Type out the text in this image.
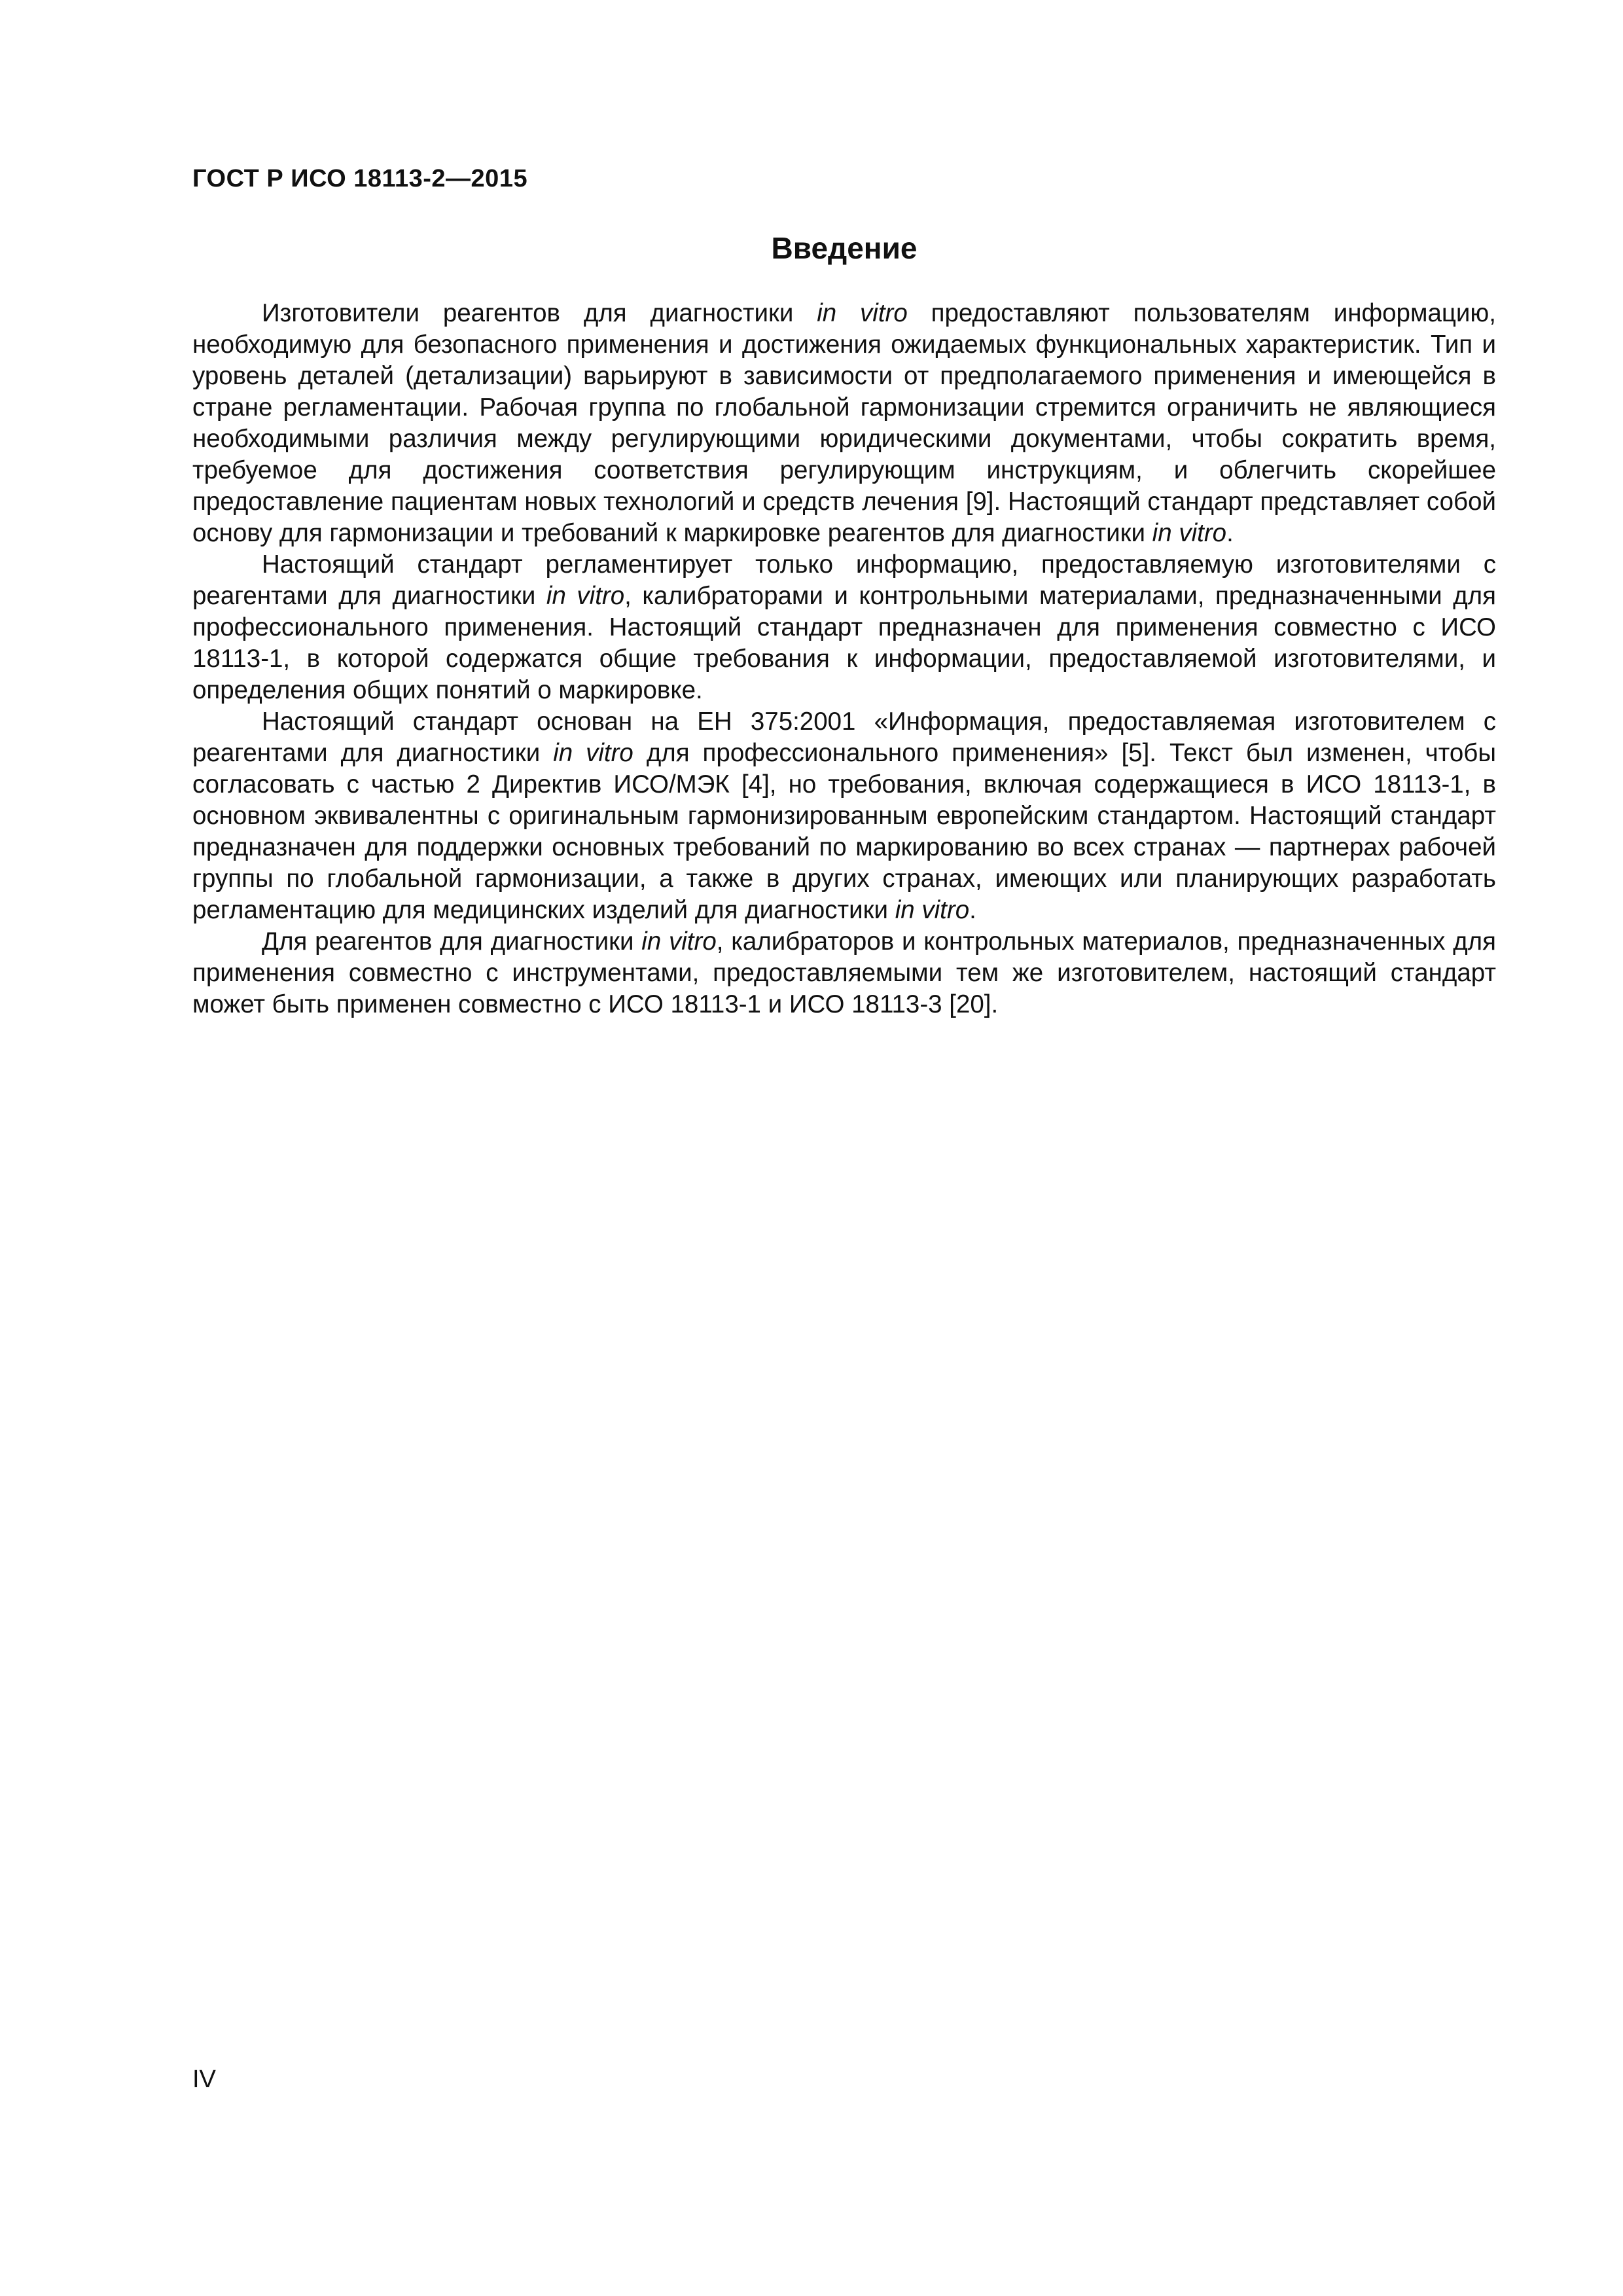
ГОСТ Р ИСО 18113-2—2015
Введение

Изготовители реагентов для диагностики in vitro предоставляют пользователям информацию, необходимую для безопасного применения и достижения ожидаемых функциональных характеристик. Тип и уровень деталей (детализации) варьируют в зависимости от предполагаемого применения и имеющейся в стране регламентации. Рабочая группа по глобальной гармонизации стремится ограничить не являющиеся необходимыми различия между регулирующими юридическими документами, чтобы сократить время, требуемое для достижения соответствия регулирующим инструкциям, и облегчить скорейшее предоставление пациентам новых технологий и средств лечения [9]. Настоящий стандарт представляет собой основу для гармонизации и требований к маркировке реагентов для диагностики in vitro.

Настоящий стандарт регламентирует только информацию, предоставляемую изготовителями с реагентами для диагностики in vitro, калибраторами и контрольными материалами, предназначенными для профессионального применения. Настоящий стандарт предназначен для применения совместно с ИСО 18113-1, в которой содержатся общие требования к информации, предоставляемой изготовителями, и определения общих понятий о маркировке.

Настоящий стандарт основан на ЕН 375:2001 «Информация, предоставляемая изготовителем с реагентами для диагностики in vitro для профессионального применения» [5]. Текст был изменен, чтобы согласовать с частью 2 Директив ИСО/МЭК [4], но требования, включая содержащиеся в ИСО 18113-1, в основном эквивалентны с оригинальным гармонизированным европейским стандартом. Настоящий стандарт предназначен для поддержки основных требований по маркированию во всех странах — партнерах рабочей группы по глобальной гармонизации, а также в других странах, имеющих или планирующих разработать регламентацию для медицинских изделий для диагностики in vitro.

Для реагентов для диагностики in vitro, калибраторов и контрольных материалов, предназначенных для применения совместно с инструментами, предоставляемыми тем же изготовителем, настоящий стандарт может быть применен совместно с ИСО 18113-1 и ИСО 18113-3 [20].

IV
